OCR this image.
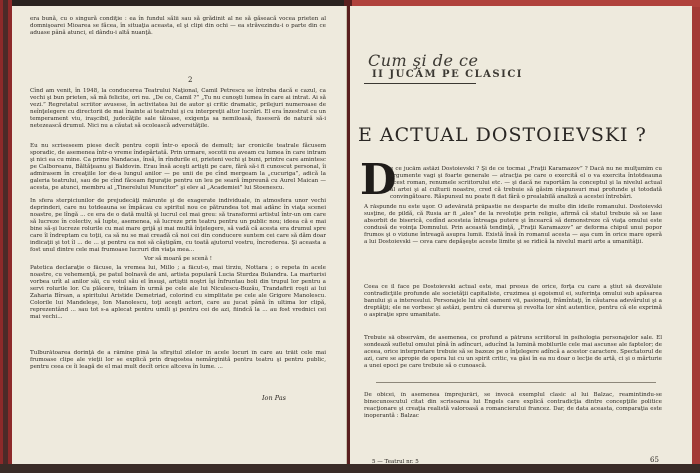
era bună, cu o singură condiţie : ea în fundul sălii sau să grădinit al ne să găseacă vocea prieten al domnişoarei Mioarea se făcea, în situaţia aceasta, el şi clipi din ochi — ea străvezindu-i o parte din ce aduase până atunci, el dându-i altă nuanţă.

2

Cînd am venit, în 1948, la conducerea Teatrului Naţional, Camil Petrescu se întreba dacă e cazul, ca vechi şi bun prieten, să mă felicite, ori nu. „De ce, Camil ?” „Tu nu cunoşti lumea în care ai intrat. Ai să vezi.” Regretatul scriitor avusese, în activitatea lui de autor şi critic dramatic, prilejuri numeroase de neînţelegere cu directorii de mai înainte ai teatrului şi cu interpreţii altor lucrări. El era înzestrat cu un temperament viu, iraşcibil, judecăţile sale tăioase, exigenţa sa nemiloasă, fuseseră de natură să-i netezească drumul. Nici nu a căutat să ocolească adversităţile.

Eu nu scriseseem piese decît pentru copii într-o epocă de demult; iar cronicile teatrale făcusem sporadic, de asemenea într-o vreme îndepărtată. Prin urmare, socotii nu aveam cu lumea în care intram şi nici ea cu mine. Ca prime Nandacas, însă, în rîndurile ei, prieteni vechi şi buni, printre care amintesc pe Calboreanu, Băltăţeanu şi Baldovin. Erau însă aceşti artişti pe care, fără să-i fi cunoscut personal, îi admirasem în creaţiile lor de-a lungul anilor — pe unii de pe cînd mergeam la „cucuriga”, adică la galeria teatrului, sau de pe cînd făceam figuraţie pentru un leu pe seară împreună cu Aurel Maican — acesta, pe atunci, membru al „Tinerelului Muncitor” şi elev al „Academiei” lui Stoenescu.

În sfera sterpiciunilor de prejudecăţi mărunte şi de exagerate individuale, în atmosfera unor vechi deprinderi, care nu totdeauna se împăcau cu spiritul nou ce pătrundea tot mai adânc în viaţa scenei noastre, pe lîngă ... ce era de o dată multă şi lucrul cel mai greu: să transformi artistul într-un om care să lucreze în colectiv, să lupte, asemenea, să lucreze prin teatru pentru un public nou; ideea că e mai bine să-şi lucreze rolurile cu mai mare grijă şi mai multă înţelegere, să vadă că acesta era drumul spre care îl îndreptam cu toţii, ca să nu se mai creadă că noi cei din conducere suntem cei care să dăm doar indicaţii şi tot îl ... de ... şi pentru ca noi să câştigăm, cu toată ajutorul vostru, încrederea. Şi aceasta a fost unul dintre cele mai frumoase lucruri din viaţa mea...

Vor să moară pe scenă !

Patetica declaraţie o făcuse, la vremea lui, Millo ; a făcut-o, mai tîrziu, Nottara ; o repeta în acele noastre, cu vehemenţă, pe patul bolnavă de ani, artista populară Lucia Sturdza Bulandra. La marturisi vorbea urît al anilor săi, cu voiul său el însuşi, artiştii noştri îşi înfruntau boli din trupul lor pentru a servi rolurile lor. Cu plăcere, trăiam în urmă pe cele ale lui Niculescu-Buzău, Trandafirii roşii ai lui Zaharia Bîrsan, a spiritului Aristide Demetriad, colorind cu simplitate pe cele ale Grigore Manolescu. Colorile lui Mandeleşe, Ion Manolescu, toţi aceşti actori, care au jucat până în ultima lor clipă, reprezentând ... sau tot s-a aplecat pentru umili şi pentru cei de azi, fiindcă la ... au fost vrednici cei mai vechi...

Tulburătoarea dorinţă de a rămîne pînă la sfîrşitul zilelor în acele locuri în care au trăit cele mai frumoase clipe ale vieţii lor se explică prin dragostea nemărginită pentru teatru şi pentru public, pentru ceea ce îi leagă de el mai mult decît orice altceva în lume. ...

Ion Pas
Cum şi de ce
II JUCĂM PE CLASICI
E ACTUAL DOSTOIEVSKI ?
D

e ce jucăm astăzi Dostoievski ? Şi de ce tocmai „Fraţii Karamazov” ? Dacă nu ne mulţumim cu argumente vagi şi foarte generale — atracţia pe care o exercită el o va exercita întotdeauna acest roman, renumele scriitorului etc. — şi dacă ne raportăm la conceptul şi la nivelul actual al artei şi al culturii noastre, cred că trebuie să găsim răspunsuri mai profunde şi totodată convingătoare. Răspunsul nu poate fi dat fără o prealabilă analiză a acestei întrebări.

A răspunde nu este uşor. O adevărată prăpastie ne desparte de multe din ideile romanului. Dostoievski susţine, de pildă, că Rusia ar fi „ales” de la revoluţie prin religie, afirmă că statul trebuie să se lase absorbit de biserică, cedînd acesteia întreaga putere şi încearcă să demonstreze că viaţa omului este condusă de voinţa Domnului. Prin această tendinţă, „Fraţii Karamazov” ar deforma chipul unui popor frumos şi o viziune întreagă asupra lumii. Există însă în romanul acesta — aşa cum în orice mare operă a lui Dostoievski — ceva care depăşeşte aceste limite şi se ridică la nivelul marii arte a umanităţii.

Ceea ce îl face pe Dostoievski actual este, mai presus de orice, forţa cu care a ştiut să dezvăluie contradicţiile profunde ale societăţii capitaliste, cruzimea şi egoismul ei, suferinţa omului sub apăsarea banului şi a interesului. Personajele lui sînt oameni vii, pasionaţi, frămîntaţi, în căutarea adevărului şi a dreptăţii; ele ne vorbesc şi astăzi, pentru că durerea şi revolta lor sînt autentice, pentru că ele exprimă o aspiraţie spre umanitate.

Trebuie să observăm, de asemenea, ce profund a pătruns scriitorul în psihologia personajelor sale. El sondează sufletul omului pînă în adîncuri, aducînd la lumină mobilurile cele mai ascunse ale faptelor; de aceea, orice interpretare trebuie să se bazeze pe o înţelegere adîncă a acestor caractere. Spectatorul de azi, care se apropie de opera lui cu un spirit critic, va găsi în ea nu doar o lecţie de artă, ci şi o mărturie a unei epoci pe care trebuie să o cunoască.

De obicei, în asemenea împrejurări, se invocă exemplul clasic al lui Balzac, reamintindu-se binecunoscutul citat din scrisoarea lui Engels care explică contradicţia dintre concepţiile politice reacţionare şi creaţia realistă valoroasă a romancierului francez. Dar, de data aceasta, comparaţia este inoperantă : Balzac

5 — Teatrul nr. 5	65
